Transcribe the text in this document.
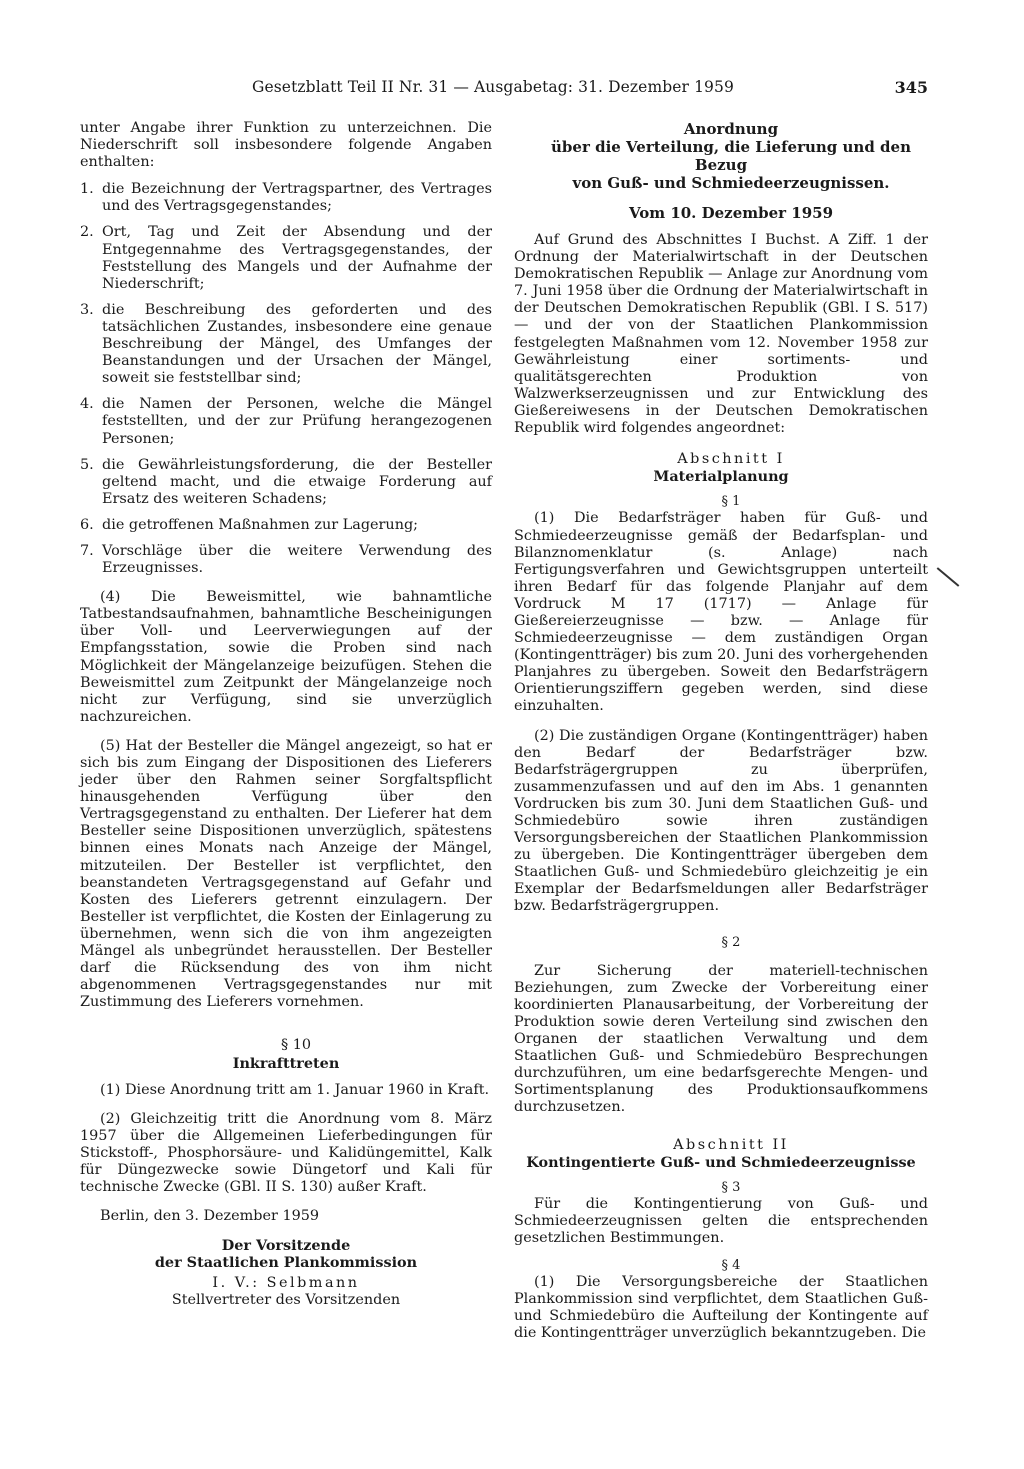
Gesetzblatt Teil II Nr. 31 — Ausgabetag: 31. Dezember 1959	345

unter Angabe ihrer Funktion zu unterzeichnen. Die Niederschrift soll insbesondere folgende Angaben enthalten:

1. die Bezeichnung der Vertragspartner, des Vertrages und des Vertragsgegenstandes;
2. Ort, Tag und Zeit der Absendung und der Entgegennahme des Vertragsgegenstandes, der Feststellung des Mangels und der Aufnahme der Niederschrift;
3. die Beschreibung des geforderten und des tatsächlichen Zustandes, insbesondere eine genaue Beschreibung der Mängel, des Umfanges der Beanstandungen und der Ursachen der Mängel, soweit sie feststellbar sind;
4. die Namen der Personen, welche die Mängel feststellten, und der zur Prüfung herangezogenen Personen;
5. die Gewährleistungsforderung, die der Besteller geltend macht, und die etwaige Forderung auf Ersatz des weiteren Schadens;
6. die getroffenen Maßnahmen zur Lagerung;
7. Vorschläge über die weitere Verwendung des Erzeugnisses.

(4) Die Beweismittel, wie bahnamtliche Tatbestandsaufnahmen, bahnamtliche Bescheinigungen über Voll- und Leerverwiegungen auf der Empfangsstation, sowie die Proben sind nach Möglichkeit der Mängelanzeige beizufügen. Stehen die Beweismittel zum Zeitpunkt der Mängelanzeige noch nicht zur Verfügung, sind sie unverzüglich nachzureichen.

(5) Hat der Besteller die Mängel angezeigt, so hat er sich bis zum Eingang der Dispositionen des Lieferers jeder über den Rahmen seiner Sorgfaltspflicht hinausgehenden Verfügung über den Vertragsgegenstand zu enthalten. Der Lieferer hat dem Besteller seine Dispositionen unverzüglich, spätestens binnen eines Monats nach Anzeige der Mängel, mitzuteilen. Der Besteller ist verpflichtet, den beanstandeten Vertragsgegenstand auf Gefahr und Kosten des Lieferers getrennt einzulagern. Der Besteller ist verpflichtet, die Kosten der Einlagerung zu übernehmen, wenn sich die von ihm angezeigten Mängel als unbegründet herausstellen. Der Besteller darf die Rücksendung des von ihm nicht abgenommenen Vertragsgegenstandes nur mit Zustimmung des Lieferers vornehmen.

§ 10

Inkrafttreten

(1) Diese Anordnung tritt am 1. Januar 1960 in Kraft.

(2) Gleichzeitig tritt die Anordnung vom 8. März 1957 über die Allgemeinen Lieferbedingungen für Stickstoff-, Phosphorsäure- und Kalidüngemittel, Kalk für Düngezwecke sowie Düngetorf und Kali für technische Zwecke (GBl. II S. 130) außer Kraft.

Berlin, den 3. Dezember 1959

Der Vorsitzende
der Staatlichen Plankommission
I. V.: Selbmann
Stellvertreter des Vorsitzenden

Anordnung

über die Verteilung, die Lieferung und den Bezug

von Guß- und Schmiedeerzeugnissen.

Vom 10. Dezember 1959

Auf Grund des Abschnittes I Buchst. A Ziff. 1 der Ordnung der Materialwirtschaft in der Deutschen Demokratischen Republik — Anlage zur Anordnung vom 7. Juni 1958 über die Ordnung der Materialwirtschaft in der Deutschen Demokratischen Republik (GBl. I S. 517) — und der von der Staatlichen Plankommission festgelegten Maßnahmen vom 12. November 1958 zur Gewährleistung einer sortiments- und qualitätsgerechten Produktion von Walzwerkserzeugnissen und zur Entwicklung des Gießereiwesens in der Deutschen Demokratischen Republik wird folgendes angeordnet:

Abschnitt I

Materialplanung

§ 1

(1) Die Bedarfsträger haben für Guß- und Schmiedeerzeugnisse gemäß der Bedarfsplan- und Bilanznomenklatur (s. Anlage) nach Fertigungsverfahren und Gewichtsgruppen unterteilt ihren Bedarf für das folgende Planjahr auf dem Vordruck M 17 (1717) — Anlage für Gießereierzeugnisse — bzw. — Anlage für Schmiedeerzeugnisse — dem zuständigen Organ (Kontingentträger) bis zum 20. Juni des vorhergehenden Planjahres zu übergeben. Soweit den Bedarfsträgern Orientierungsziffern gegeben werden, sind diese einzuhalten.

(2) Die zuständigen Organe (Kontingentträger) haben den Bedarf der Bedarfsträger bzw. Bedarfsträgergruppen zu überprüfen, zusammenzufassen und auf den im Abs. 1 genannten Vordrucken bis zum 30. Juni dem Staatlichen Guß- und Schmiedebüro sowie ihren zuständigen Versorgungsbereichen der Staatlichen Plankommission zu übergeben. Die Kontingentträger übergeben dem Staatlichen Guß- und Schmiedebüro gleichzeitig je ein Exemplar der Bedarfsmeldungen aller Bedarfsträger bzw. Bedarfsträgergruppen.

§ 2

Zur Sicherung der materiell-technischen Beziehungen, zum Zwecke der Vorbereitung einer koordinierten Planausarbeitung, der Vorbereitung der Produktion sowie deren Verteilung sind zwischen den Organen der staatlichen Verwaltung und dem Staatlichen Guß- und Schmiedebüro Besprechungen durchzuführen, um eine bedarfsgerechte Mengen- und Sortimentsplanung des Produktionsaufkommens durchzusetzen.

Abschnitt II

Kontingentierte Guß- und Schmiedeerzeugnisse

§ 3

Für die Kontingentierung von Guß- und Schmiedeerzeugnissen gelten die entsprechenden gesetzlichen Bestimmungen.

§ 4

(1) Die Versorgungsbereiche der Staatlichen Plankommission sind verpflichtet, dem Staatlichen Guß- und Schmiedebüro die Aufteilung der Kontingente auf die Kontingentträger unverzüglich bekanntzugeben. Die
